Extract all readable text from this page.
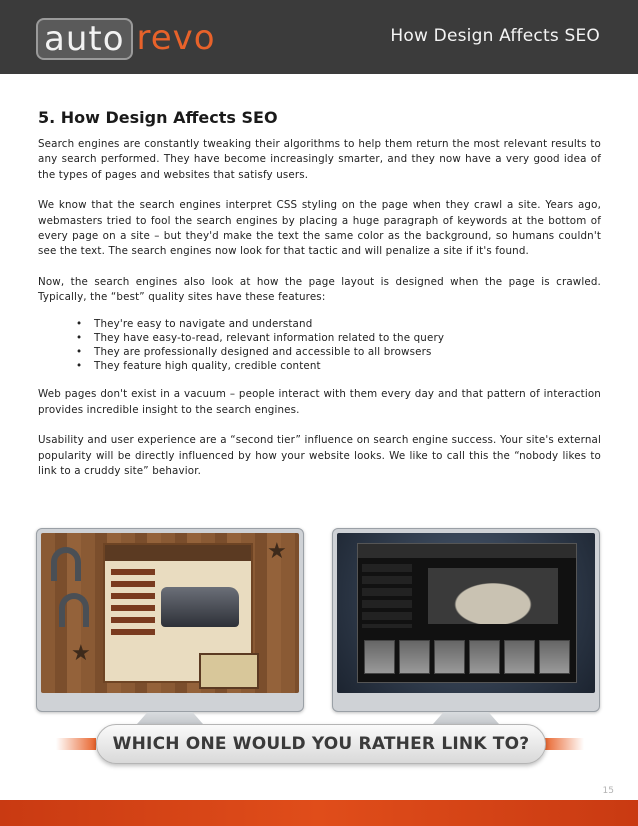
auto revo	How Design Affects SEO
5. How Design Affects SEO

Search engines are constantly tweaking their algorithms to help them return the most relevant results to any search performed. They have become increasingly smarter, and they now have a very good idea of the types of pages and websites that satisfy users.

We know that the search engines interpret CSS styling on the page when they crawl a site. Years ago, webmasters tried to fool the search engines by placing a huge paragraph of keywords at the bottom of every page on a site – but they'd make the text the same color as the background, so humans couldn't see the text. The search engines now look for that tactic and will penalize a site if it's found.

Now, the search engines also look at how the page layout is designed when the page is crawled. Typically, the “best” quality sites have these features:

•	They're easy to navigate and understand
•	They have easy-to-read, relevant information related to the query
•	They are professionally designed and accessible to all browsers
•	They feature high quality, credible content

Web pages don't exist in a vacuum – people interact with them every day and that pattern of interaction provides incredible insight to the search engines.

Usability and user experience are a “second tier” influence on search engine success. Your site's external popularity will be directly influenced by how your website looks. We like to call this the “nobody likes to link to a cruddy site” behavior.

★
★
WHICH ONE WOULD YOU RATHER LINK TO?
15
